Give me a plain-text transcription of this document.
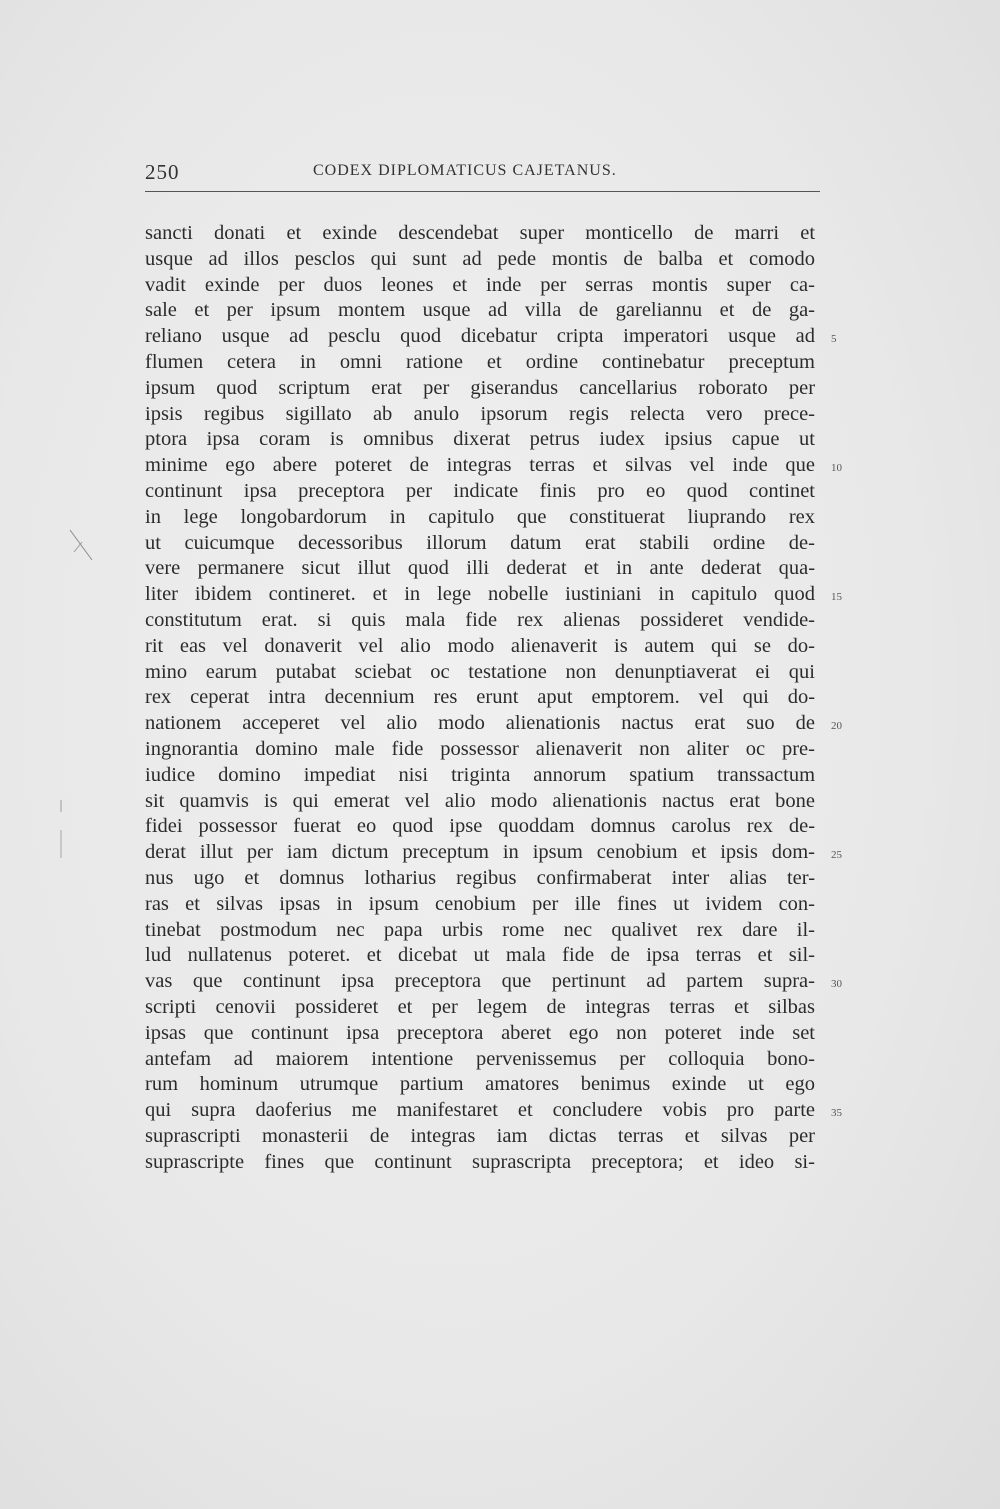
250	CODEX DIPLOMATICUS CAJETANUS.
sancti donati et exinde descendebat super monticello de marri et
usque ad illos pesclos qui sunt ad pede montis de balba et comodo
vadit exinde per duos leones et inde per serras montis super ca-
sale et per ipsum montem usque ad villa de gareliannu et de ga-
reliano usque ad pesclu quod dicebatur cripta imperatori usque ad 5
flumen cetera in omni ratione et ordine continebatur preceptum
ipsum quod scriptum erat per giserandus cancellarius roborato per
ipsis regibus sigillato ab anulo ipsorum regis relecta vero prece-
ptora ipsa coram is omnibus dixerat petrus iudex ipsius capue ut
minime ego abere poteret de integras terras et silvas vel inde que 10
continunt ipsa preceptora per indicate finis pro eo quod continet
in lege longobardorum in capitulo que constituerat liuprando rex
ut cuicumque decessoribus illorum datum erat stabili ordine de-
vere permanere sicut illut quod illi dederat et in ante dederat qua-
liter ibidem contineret. et in lege nobelle iustiniani in capitulo quod 15
constitutum erat. si quis mala fide rex alienas possideret vendide-
rit eas vel donaverit vel alio modo alienaverit is autem qui se do-
mino earum putabat sciebat oc testatione non denunptiaverat ei qui
rex ceperat intra decennium res erunt aput emptorem. vel qui do-
nationem acceperet vel alio modo alienationis nactus erat suo de 20
ingnorantia domino male fide possessor alienaverit non aliter oc pre-
iudice domino impediat nisi triginta annorum spatium transsactum
sit quamvis is qui emerat vel alio modo alienationis nactus erat bone
fidei possessor fuerat eo quod ipse quoddam domnus carolus rex de-
derat illut per iam dictum preceptum in ipsum cenobium et ipsis dom- 25
nus ugo et domnus lotharius regibus confirmaberat inter alias ter-
ras et silvas ipsas in ipsum cenobium per ille fines ut ividem con-
tinebat postmodum nec papa urbis rome nec qualivet rex dare il-
lud nullatenus poteret. et dicebat ut mala fide de ipsa terras et sil-
vas que continunt ipsa preceptora que pertinunt ad partem supra- 30
scripti cenovii possideret et per legem de integras terras et silbas
ipsas que continunt ipsa preceptora aberet ego non poteret inde set
antefam ad maiorem intentione pervenissemus per colloquia bono-
rum hominum utrumque partium amatores benimus exinde ut ego
qui supra daoferius me manifestaret et concludere vobis pro parte 35
suprascripti monasterii de integras iam dictas terras et silvas per
suprascripte fines que continunt suprascripta preceptora; et ideo si-
